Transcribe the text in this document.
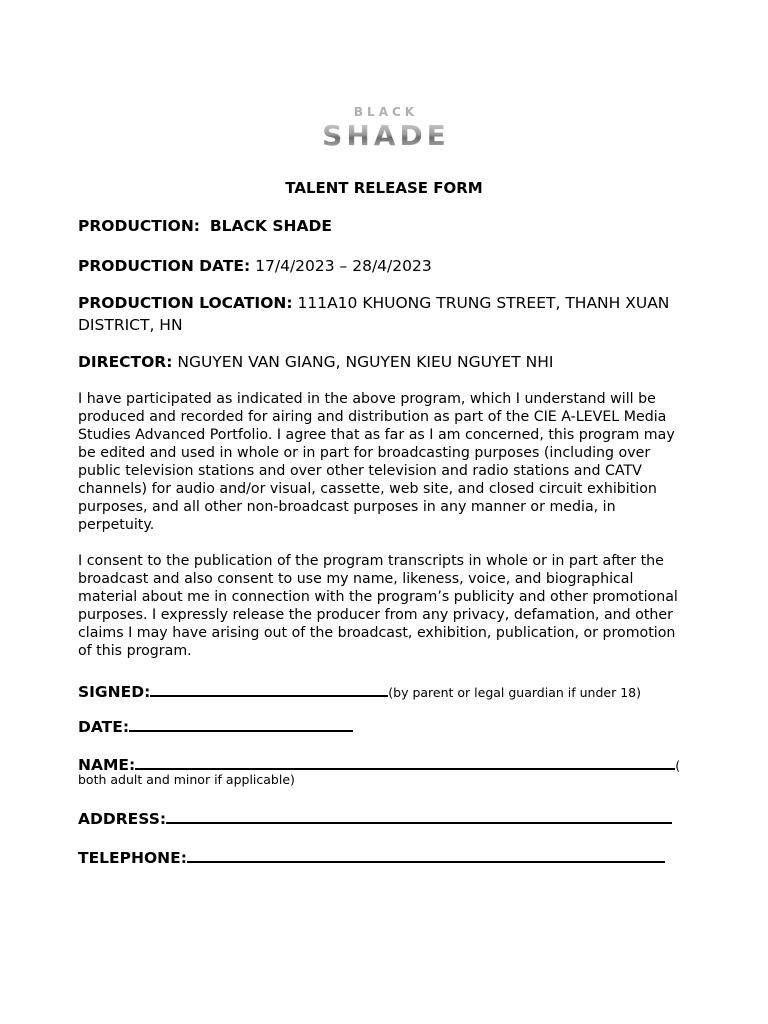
BLACK
SHADE
TALENT RELEASE FORM
PRODUCTION: BLACK SHADE
PRODUCTION DATE: 17/4/2023 – 28/4/2023
PRODUCTION LOCATION: 111A10 KHUONG TRUNG STREET, THANH XUAN DISTRICT, HN
DIRECTOR: NGUYEN VAN GIANG, NGUYEN KIEU NGUYET NHI

I have participated as indicated in the above program, which I understand will be produced and recorded for airing and distribution as part of the CIE A-LEVEL Media Studies Advanced Portfolio. I agree that as far as I am concerned, this program may be edited and used in whole or in part for broadcasting purposes (including over public television stations and over other television and radio stations and CATV channels) for audio and/or visual, cassette, web site, and closed circuit exhibition purposes, and all other non-broadcast purposes in any manner or media, in perpetuity.

I consent to the publication of the program transcripts in whole or in part after the broadcast and also consent to use my name, likeness, voice, and biographical material about me in connection with the program’s publicity and other promotional purposes. I expressly release the producer from any privacy, defamation, and other claims I may have arising out of the broadcast, exhibition, publication, or promotion of this program.

SIGNED:	(by parent or legal guardian if under 18)
DATE:
NAME:	(
both adult and minor if applicable)
ADDRESS:
TELEPHONE:
